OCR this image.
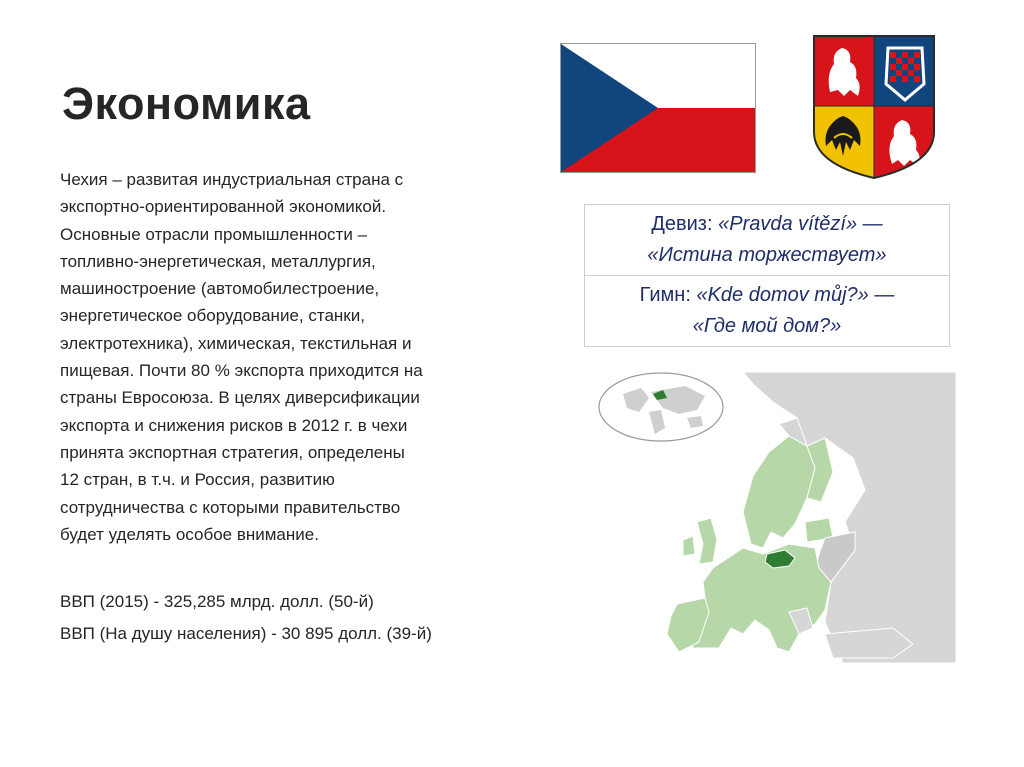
Экономика
Чехия – развитая индустриальная страна с
экспортно-ориентированной экономикой.
Основные отрасли промышленности –
топливно-энергетическая, металлургия,
машиностроение (автомобилестроение,
энергетическое оборудование, станки,
электротехника), химическая, текстильная и
пищевая. Почти 80 % экспорта приходится на
страны Евросоюза. В целях диверсификации
экспорта и снижения рисков в 2012 г. в чехи
принята экспортная стратегия, определены
12 стран, в т.ч. и Россия, развитию
сотрудничества с которыми правительство
будет уделять особое внимание.
ВВП (2015) - 325,285 млрд. долл. (50-й)
ВВП (На душу населения) - 30 895 долл. (39-й)
Девиз: «Pravda vítězí» —
«Истина торжествует»
Гимн: «Kde domov můj?» —
«Где мой дом?»
